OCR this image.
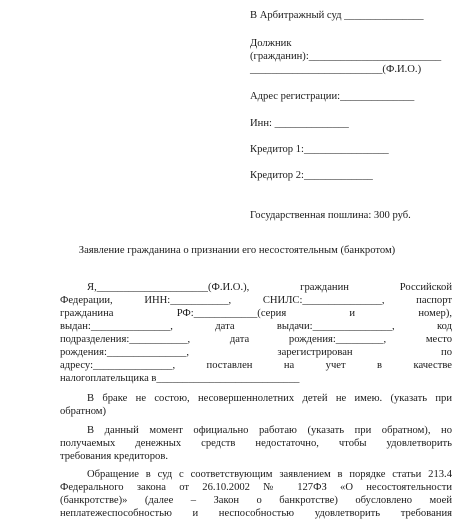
В Арбитражный суд _______________
Должник
(гражданин):_________________________
_________________________(Ф.И.О.)
Адрес регистрации:______________
Инн: ______________
Кредитор 1:________________
Кредитор 2:_____________
Государственная пошлина: 300 руб.
Заявление гражданина о признании его несостоятельным (банкротом)
Я,_____________________(Ф.И.О.), гражданин Российской
Федерации, ИНН:___________, СНИЛС:_______________, паспорт
гражданина РФ:____________(серия и номер),
выдан:_______________, дата выдачи:_______________, код
подразделения:___________, дата рождения:_________, место
рождения:_______________, зарегистрирован по
адресу:_______________, поставлен на учет в качестве
налогоплательщика в___________________________
В браке не состою, несовершеннолетних детей не имею. (указать при
обратном)
В данный момент официально работаю (указать при обратном), но
получаемых денежных средств недостаточно, чтобы удовлетворить
требования кредиторов.
Обращение в суд с соответствующим заявлением в порядке статьи 213.4
Федерального закона от 26.10.2002 № 127ФЗ «О несостоятельности
(банкротстве)» (далее – Закон о банкротстве) обусловлено моей
неплатежеспособностью и неспособностью удовлетворить требования
